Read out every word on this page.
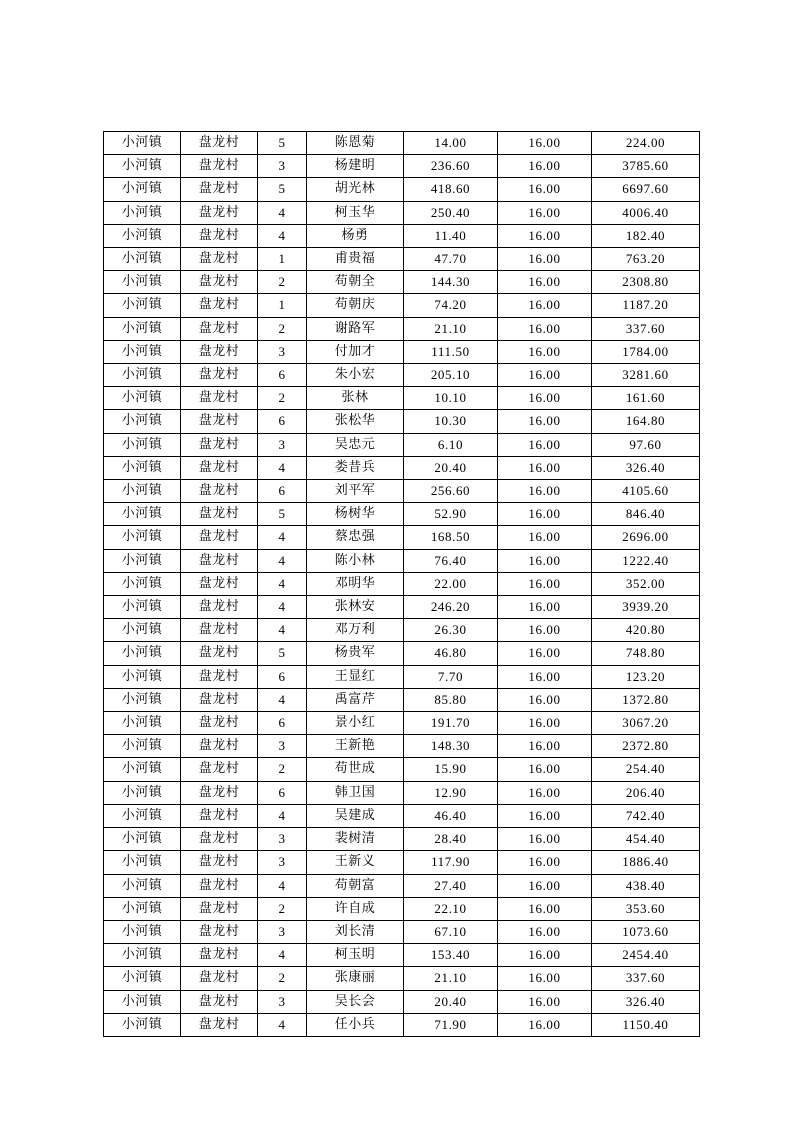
小河镇	盘龙村	5	陈恩菊	14.00	16.00	224.00
小河镇	盘龙村	3	杨建明	236.60	16.00	3785.60
小河镇	盘龙村	5	胡光林	418.60	16.00	6697.60
小河镇	盘龙村	4	柯玉华	250.40	16.00	4006.40
小河镇	盘龙村	4	杨勇	11.40	16.00	182.40
小河镇	盘龙村	1	甫贵福	47.70	16.00	763.20
小河镇	盘龙村	2	苟朝全	144.30	16.00	2308.80
小河镇	盘龙村	1	苟朝庆	74.20	16.00	1187.20
小河镇	盘龙村	2	谢路军	21.10	16.00	337.60
小河镇	盘龙村	3	付加才	111.50	16.00	1784.00
小河镇	盘龙村	6	朱小宏	205.10	16.00	3281.60
小河镇	盘龙村	2	张林	10.10	16.00	161.60
小河镇	盘龙村	6	张松华	10.30	16.00	164.80
小河镇	盘龙村	3	吴忠元	6.10	16.00	97.60
小河镇	盘龙村	4	娄昔兵	20.40	16.00	326.40
小河镇	盘龙村	6	刘平军	256.60	16.00	4105.60
小河镇	盘龙村	5	杨树华	52.90	16.00	846.40
小河镇	盘龙村	4	蔡忠强	168.50	16.00	2696.00
小河镇	盘龙村	4	陈小林	76.40	16.00	1222.40
小河镇	盘龙村	4	邓明华	22.00	16.00	352.00
小河镇	盘龙村	4	张林安	246.20	16.00	3939.20
小河镇	盘龙村	4	邓万利	26.30	16.00	420.80
小河镇	盘龙村	5	杨贵军	46.80	16.00	748.80
小河镇	盘龙村	6	王显红	7.70	16.00	123.20
小河镇	盘龙村	4	禹富芹	85.80	16.00	1372.80
小河镇	盘龙村	6	景小红	191.70	16.00	3067.20
小河镇	盘龙村	3	王新艳	148.30	16.00	2372.80
小河镇	盘龙村	2	苟世成	15.90	16.00	254.40
小河镇	盘龙村	6	韩卫国	12.90	16.00	206.40
小河镇	盘龙村	4	吴建成	46.40	16.00	742.40
小河镇	盘龙村	3	裴树清	28.40	16.00	454.40
小河镇	盘龙村	3	王新义	117.90	16.00	1886.40
小河镇	盘龙村	4	苟朝富	27.40	16.00	438.40
小河镇	盘龙村	2	许自成	22.10	16.00	353.60
小河镇	盘龙村	3	刘长清	67.10	16.00	1073.60
小河镇	盘龙村	4	柯玉明	153.40	16.00	2454.40
小河镇	盘龙村	2	张康丽	21.10	16.00	337.60
小河镇	盘龙村	3	吴长会	20.40	16.00	326.40
小河镇	盘龙村	4	任小兵	71.90	16.00	1150.40
